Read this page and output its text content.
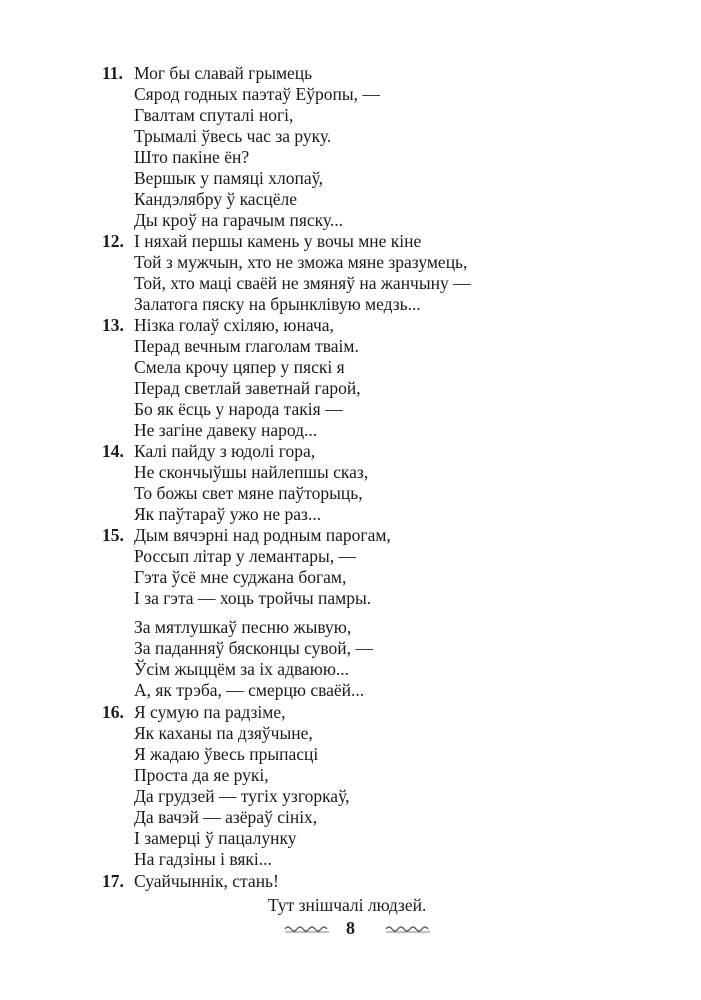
11. Мог бы славай грымець
Сярод годных паэтаў Еўропы, —
Гвалтам спуталі ногі,
Трымалі ўвесь час за руку.
Што пакіне ён?
Вершык у памяці хлопаў,
Кандэлябру ў касцёле
Ды кроў на гарачым пяску...
12. І няхай першы камень у вочы мне кіне
Той з мужчын, хто не зможа мяне зразумець,
Той, хто маці сваёй не змяняў на жанчыну —
Залатога пяску на брынклівую медзь...
13. Нізка голаў схіляю, юнача,
Перад вечным глаголам тваім.
Смела крочу цяпер у пяскі я
Перад светлай заветнай гарой,
Бо як ёсць у народа такія —
Не загіне давеку народ...
14. Калі пайду з юдолі гора,
Не скончыўшы найлепшы сказ,
То божы свет мяне паўторыць,
Як паўтараў ужо не раз...
15. Дым вячэрні над родным парогам,
Россып літар у лемантары, —
Гэта ўсё мне суджана богам,
І за гэта — хоць тройчы памры.
За мятлушкаў песню жывую,
За паданняў бясконцы сувой, —
Ўсім жыццём за іх адваюю...
А, як трэба, — смерцю сваёй...
16. Я сумую па радзіме,
Як каханы па дзяўчыне,
Я жадаю ўвесь прыпасці
Проста да яе рукі,
Да грудзей — тугіх узгоркаў,
Да вачэй — азёраў сініх,
І замерці ў пацалунку
На гадзіны і вякі...
17. Суайчыннік, стань!
Тут знішчалі людзей.
8
